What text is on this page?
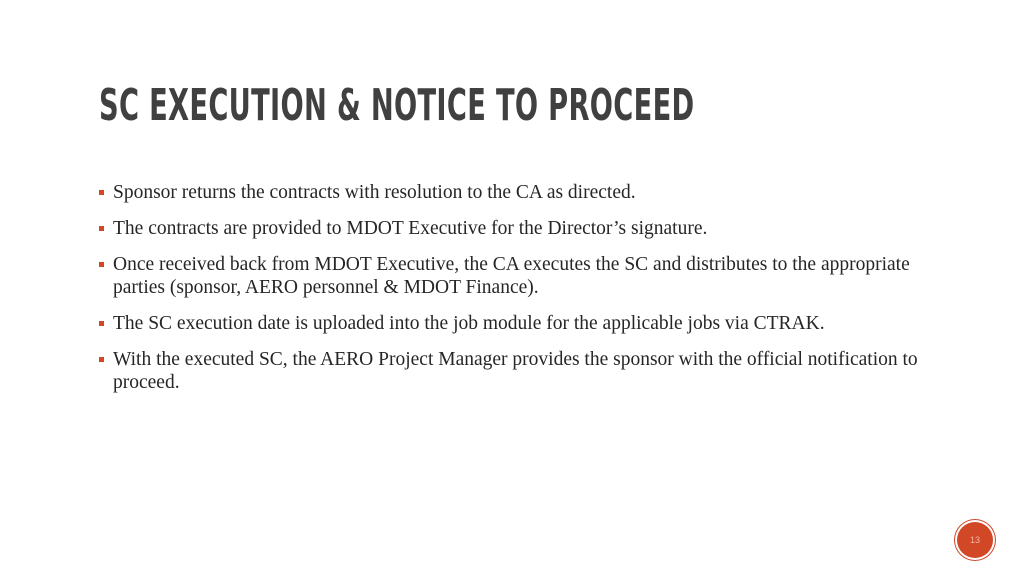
SC EXECUTION & NOTICE TO PROCEED
Sponsor returns the contracts with resolution to the CA as directed.
The contracts are provided to MDOT Executive for the Director’s signature.
Once received back from MDOT Executive, the CA executes the SC and distributes to the appropriate parties (sponsor, AERO personnel & MDOT Finance).
The SC execution date is uploaded into the job module for the applicable jobs via CTRAK.
With the executed SC, the AERO Project Manager provides the sponsor with the official notification to proceed.
13
